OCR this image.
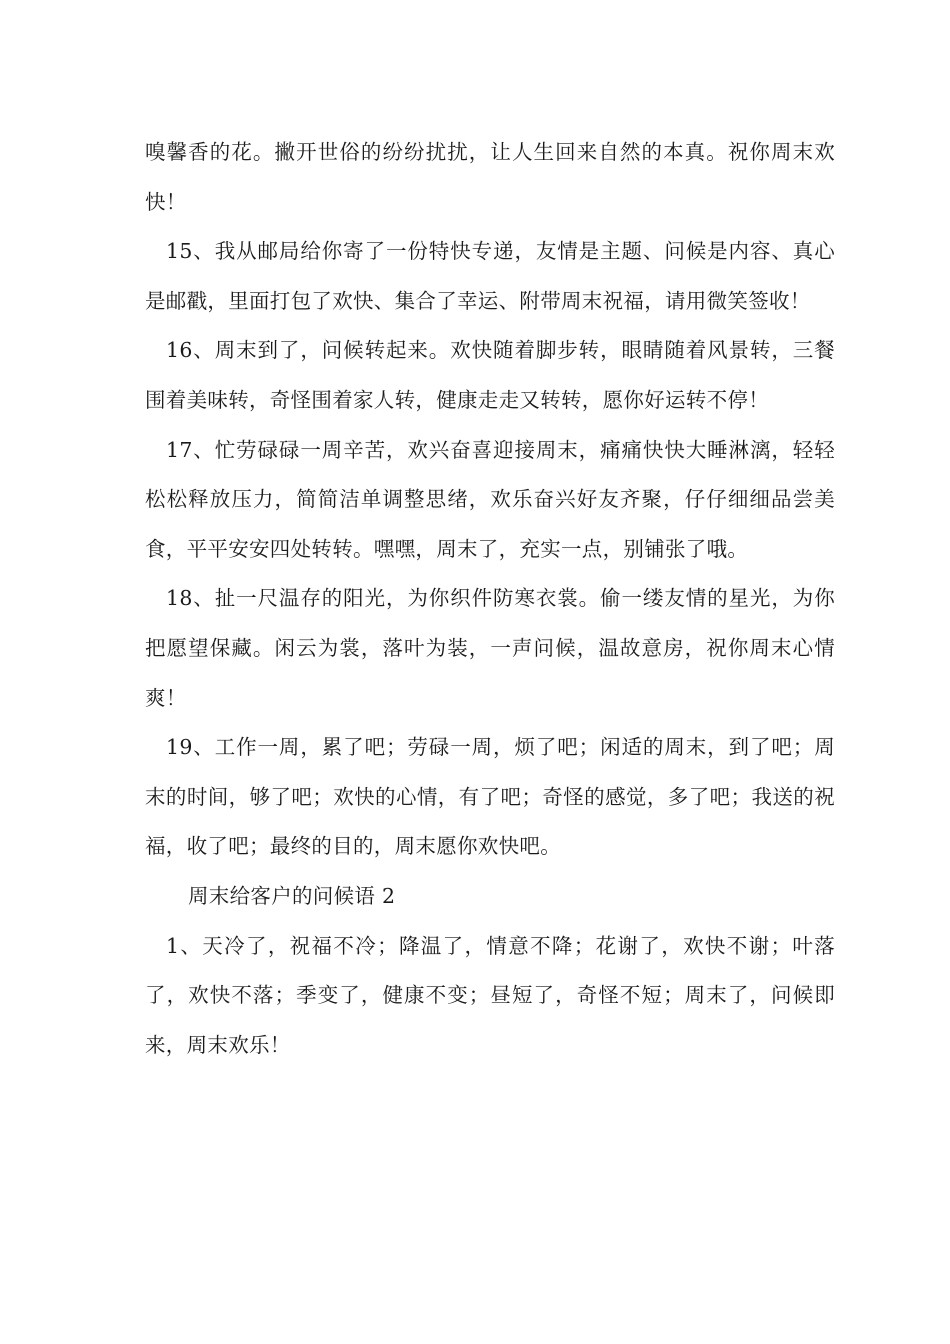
嗅馨香的花。撇开世俗的纷纷扰扰，让人生回来自然的本真。祝你周末欢快！

15、我从邮局给你寄了一份特快专递，友情是主题、问候是内容、真心是邮戳，里面打包了欢快、集合了幸运、附带周末祝福，请用微笑签收！

16、周末到了，问候转起来。欢快随着脚步转，眼睛随着风景转，三餐围着美味转，奇怪围着家人转，健康走走又转转，愿你好运转不停！

17、忙劳碌碌一周辛苦，欢兴奋喜迎接周末，痛痛快快大睡淋漓，轻轻松松释放压力，简简洁单调整思绪，欢乐奋兴好友齐聚，仔仔细细品尝美食，平平安安四处转转。嘿嘿，周末了，充实一点，别铺张了哦。

18、扯一尺温存的阳光，为你织件防寒衣裳。偷一缕友情的星光，为你把愿望保藏。闲云为裳，落叶为装，一声问候，温故意房，祝你周末心情爽！

19、工作一周，累了吧；劳碌一周，烦了吧；闲适的周末，到了吧；周末的时间，够了吧；欢快的心情，有了吧；奇怪的感觉，多了吧；我送的祝福，收了吧；最终的目的，周末愿你欢快吧。

周末给客户的问候语 2

1、天冷了，祝福不冷；降温了，情意不降；花谢了，欢快不谢；叶落了，欢快不落；季变了，健康不变；昼短了，奇怪不短；周末了，问候即来，周末欢乐！
